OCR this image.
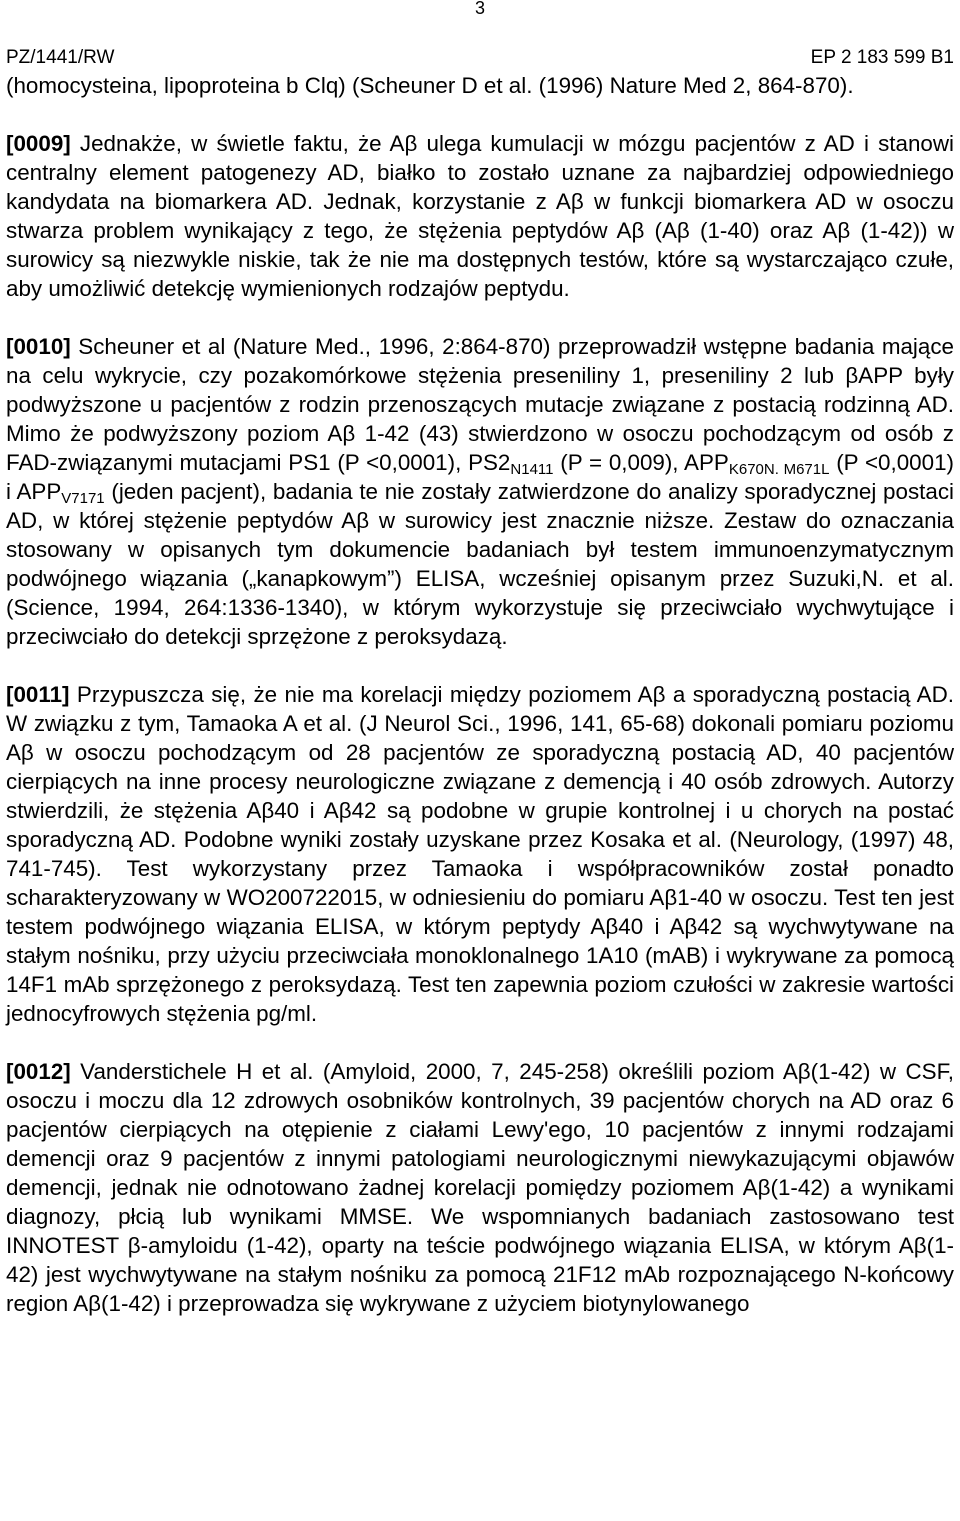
3
PZ/1441/RW	EP 2 183 599 B1

(homocysteina, lipoproteina b Clq) (Scheuner D et al. (1996) Nature Med 2, 864-870).

[0009] Jednakże, w świetle faktu, że Aβ ulega kumulacji w mózgu pacjentów z AD i stanowi centralny element patogenezy AD, białko to zostało uznane za najbardziej odpowiedniego kandydata na biomarkera AD. Jednak, korzystanie z Aβ w funkcji biomarkera AD w osoczu stwarza problem wynikający z tego, że stężenia peptydów Aβ (Aβ (1-40) oraz Aβ (1-42)) w surowicy są niezwykle niskie, tak że nie ma dostępnych testów, które są wystarczająco czułe, aby umożliwić detekcję wymienionych rodzajów peptydu.

[0010] Scheuner et al (Nature Med., 1996, 2:864-870) przeprowadził wstępne badania mające na celu wykrycie, czy pozakomórkowe stężenia preseniliny 1, preseniliny 2 lub βAPP były podwyższone u pacjentów z rodzin przenoszących mutacje związane z postacią rodzinną AD. Mimo że podwyższony poziom Aβ 1-42 (43) stwierdzono w osoczu pochodzącym od osób z FAD-związanymi mutacjami PS1 (P <0,0001), $PS2_{N1411}$ (P = 0,009), $APP_{K670N. M671L}$ (P <0,0001) i $APP_{V7171}$ (jeden pacjent), badania te nie zostały zatwierdzone do analizy sporadycznej postaci AD, w której stężenie peptydów Aβ w surowicy jest znacznie niższe. Zestaw do oznaczania stosowany w opisanych tym dokumencie badaniach był testem immunoenzymatycznym podwójnego wiązania („kanapkowym”) ELISA, wcześniej opisanym przez Suzuki,N. et al. (Science, 1994, 264:1336-1340), w którym wykorzystuje się przeciwciało wychwytujące i przeciwciało do detekcji sprzężone z peroksydazą.

[0011] Przypuszcza się, że nie ma korelacji między poziomem Aβ a sporadyczną postacią AD. W związku z tym, Tamaoka A et al. (J Neurol Sci., 1996, 141, 65-68) dokonali pomiaru poziomu Aβ w osoczu pochodzącym od 28 pacjentów ze sporadyczną postacią AD, 40 pacjentów cierpiących na inne procesy neurologiczne związane z demencją i 40 osób zdrowych. Autorzy stwierdzili, że stężenia Aβ40 i Aβ42 są podobne w grupie kontrolnej i u chorych na postać sporadyczną AD. Podobne wyniki zostały uzyskane przez Kosaka et al. (Neurology, (1997) 48, 741-745). Test wykorzystany przez Tamaoka i współpracowników został ponadto scharakteryzowany w WO200722015, w odniesieniu do pomiaru Aβ1-40 w osoczu. Test ten jest testem podwójnego wiązania ELISA, w którym peptydy Aβ40 i Aβ42 są wychwytywane na stałym nośniku, przy użyciu przeciwciała monoklonalnego 1A10 (mAB) i wykrywane za pomocą 14F1 mAb sprzężonego z peroksydazą. Test ten zapewnia poziom czułości w zakresie wartości jednocyfrowych stężenia pg/ml.

[0012] Vanderstichele H et al. (Amyloid, 2000, 7, 245-258) określili poziom Aβ(1-42) w CSF, osoczu i moczu dla 12 zdrowych osobników kontrolnych, 39 pacjentów chorych na AD oraz 6 pacjentów cierpiących na otępienie z ciałami Lewy'ego, 10 pacjentów z innymi rodzajami demencji oraz 9 pacjentów z innymi patologiami neurologicznymi niewykazującymi objawów demencji, jednak nie odnotowano żadnej korelacji pomiędzy poziomem Aβ(1-42) a wynikami diagnozy, płcią lub wynikami MMSE. We wspomnianych badaniach zastosowano test INNOTEST β-amyloidu (1-42), oparty na teście podwójnego wiązania ELISA, w którym Aβ(1-42) jest wychwytywane na stałym nośniku za pomocą 21F12 mAb rozpoznającego N-końcowy region Aβ(1-42) i przeprowadza się wykrywane z użyciem biotynylowanego
